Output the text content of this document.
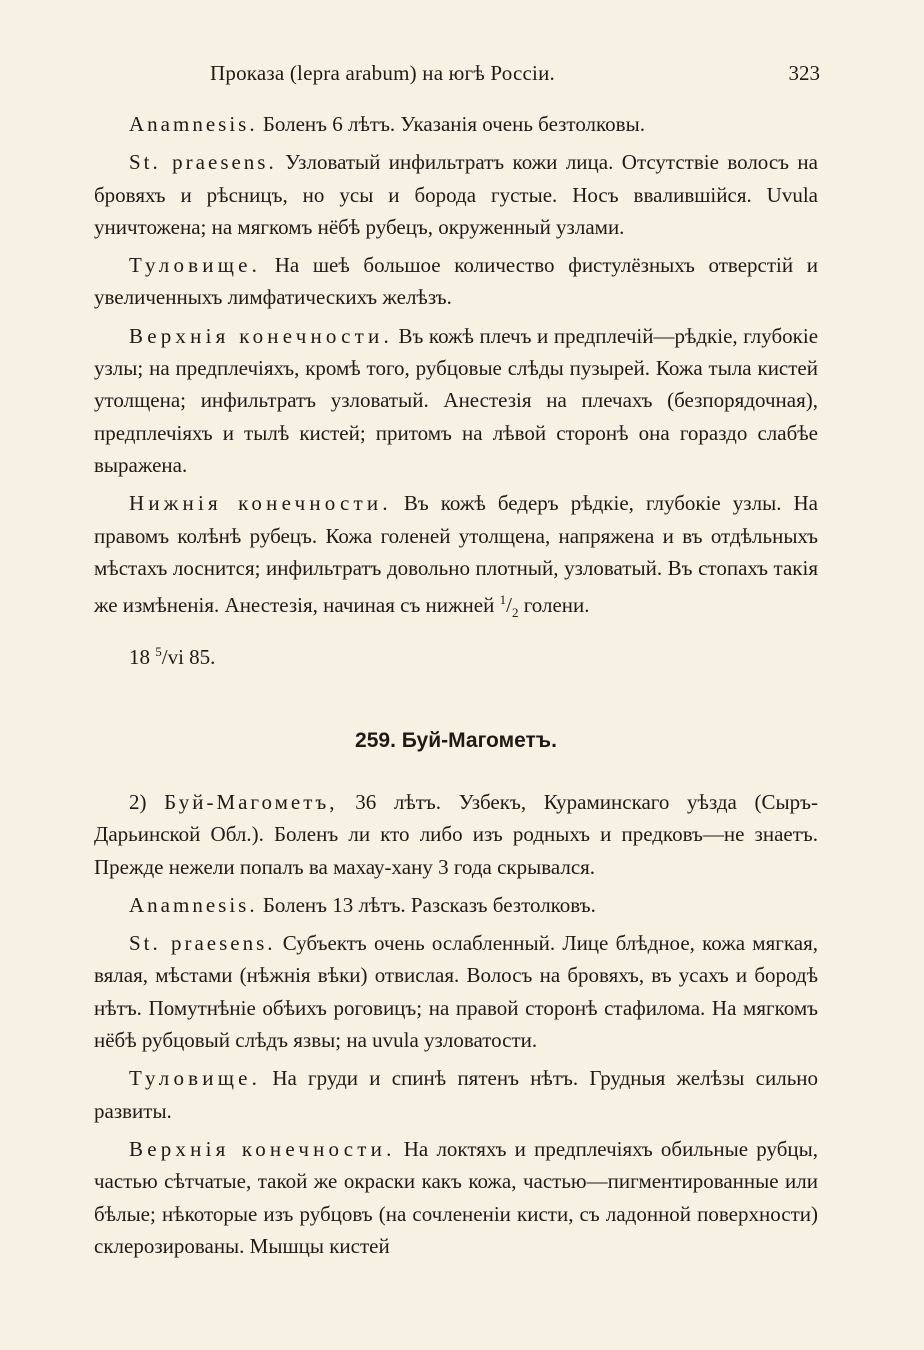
Проказа (lepra arabum) на югѣ Россіи.	323

Anamnesis. Боленъ 6 лѣтъ. Указанія очень безтолковы.

St. praesens. Узловатый инфильтратъ кожи лица. Отсутствіе волосъ на бровяхъ и рѣсницъ, но усы и борода густые. Носъ ввалившійся. Uvula уничтожена; на мягкомъ нёбѣ рубецъ, окруженный узлами.

Туловище. На шеѣ большое количество фистулёзныхъ отверстій и увеличенныхъ лимфатическихъ желѣзъ.

Верхнія конечности. Въ кожѣ плечъ и предплечій—рѣдкіе, глубокіе узлы; на предплечіяхъ, кромѣ того, рубцовые слѣды пузырей. Кожа тыла кистей утолщена; инфильтратъ узловатый. Анестезія на плечахъ (безпорядочная), предплечіяхъ и тылѣ кистей; притомъ на лѣвой сторонѣ она гораздо слабѣе выражена.

Нижнія конечности. Въ кожѣ бедеръ рѣдкіе, глубокіе узлы. На правомъ колѣнѣ рубецъ. Кожа голеней утолщена, напряжена и въ отдѣльныхъ мѣстахъ лоснится; инфильтратъ довольно плотный, узловатый. Въ стопахъ такія же измѣненія. Анестезія, начиная съ нижней $^1/_2$ голени.

18 $^5$/vi 85.

259. Буй-Магометъ.

2) Буй-Магометъ, 36 лѣтъ. Узбекъ, Кураминскаго уѣзда (Сыръ-Дарьинской Обл.). Боленъ ли кто либо изъ родныхъ и предковъ—не знаетъ. Прежде нежели попалъ ва махау-хану 3 года скрывался.

Anamnesis. Боленъ 13 лѣтъ. Разсказъ безтолковъ.

St. praesens. Субъектъ очень ослабленный. Лице блѣдное, кожа мягкая, вялая, мѣстами (нѣжнія вѣки) отвислая. Волосъ на бровяхъ, въ усахъ и бородѣ нѣтъ. Помутнѣніе обѣихъ роговицъ; на правой сторонѣ стафилома. На мягкомъ нёбѣ рубцовый слѣдъ язвы; на uvula узловатости.

Туловище. На груди и спинѣ пятенъ нѣтъ. Грудныя желѣзы сильно развиты.

Верхнія конечности. На локтяхъ и предплечіяхъ обильные рубцы, частью сѣтчатые, такой же окраски какъ кожа, частью—пигментированные или бѣлые; нѣкоторые изъ рубцовъ (на сочлененіи кисти, съ ладонной поверхности) склерозированы. Мышцы кистей
